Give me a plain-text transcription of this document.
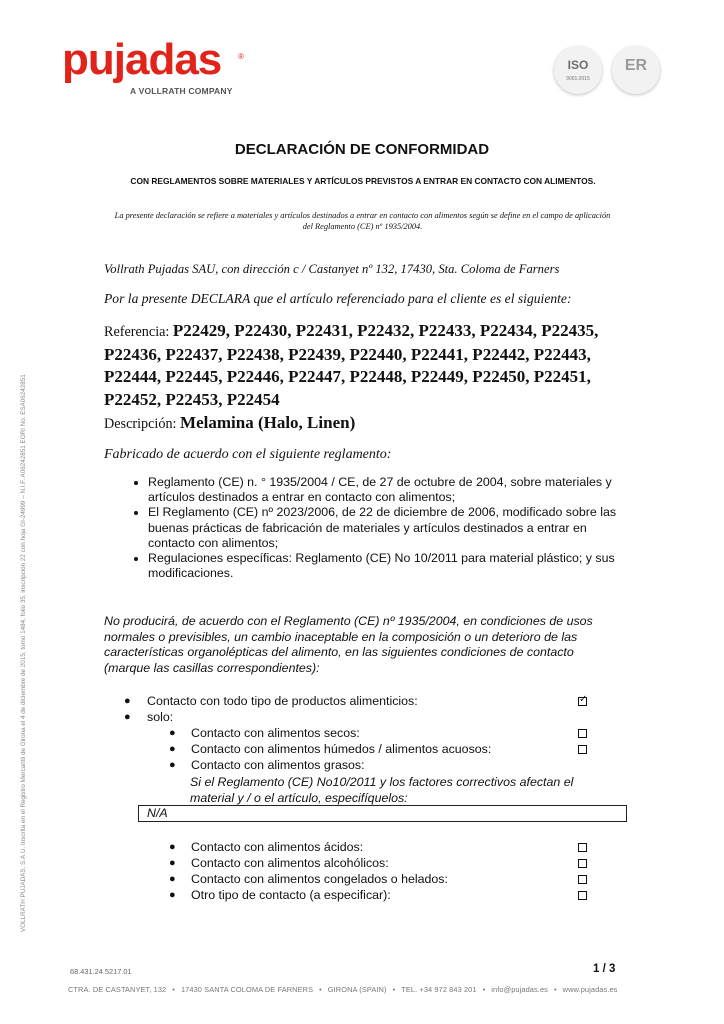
pujadas ®
A VOLLRATH COMPANY
ISO
9001:2015
ER
VOLLRATH PUJADAS, S.A.U. Inscrita en el Registro Mercantil de Girona el 4 de diciembre de 2015, tomo 1484, folio 35, inscripción 22 con hoja GI-24999 – N.I.F. A06242851 EORI No. ESA06242851
DECLARACIÓN DE CONFORMIDAD
CON REGLAMENTOS SOBRE MATERIALES Y ARTÍCULOS PREVISTOS A ENTRAR EN CONTACTO CON ALIMENTOS.
La presente declaración se refiere a materiales y artículos destinados a entrar en contacto con alimentos según se define en el campo de aplicación del Reglamento (CE) nº 1935/2004.
Vollrath Pujadas SAU, con dirección c / Castanyet nº 132, 17430, Sta. Coloma de Farners
Por la presente DECLARA que el artículo referenciado para el cliente es el siguiente:
Referencia: P22429, P22430, P22431, P22432, P22433, P22434, P22435, P22436, P22437, P22438, P22439, P22440, P22441, P22442, P22443, P22444, P22445, P22446, P22447, P22448, P22449, P22450, P22451, P22452, P22453, P22454
Descripción: Melamina (Halo, Linen)
Fabricado de acuerdo con el siguiente reglamento:
• Reglamento (CE) n. ° 1935/2004 / CE, de 27 de octubre de 2004, sobre materiales y artículos destinados a entrar en contacto con alimentos;
• El Reglamento (CE) nº 2023/2006, de 22 de diciembre de 2006, modificado sobre las buenas prácticas de fabricación de materiales y artículos destinados a entrar en contacto con alimentos;
• Regulaciones específicas: Reglamento (CE) No 10/2011 para material plástico; y sus modificaciones.
No producirá, de acuerdo con el Reglamento (CE) nº 1935/2004, en condiciones de usos normales o previsibles, un cambio inaceptable en la composición o un deterioro de las características organolépticas del alimento, en las siguientes condiciones de contacto (marque las casillas correspondientes):
● Contacto con todo tipo de productos alimenticios:
✓
● solo:
● Contacto con alimentos secos:
● Contacto con alimentos húmedos / alimentos acuosos:
● Contacto con alimentos grasos:
Si el Reglamento (CE) No10/2011 y los factores correctivos afectan el material y / o el artículo, especifíquelos:
N/A
● Contacto con alimentos ácidos:
● Contacto con alimentos alcohólicos:
● Contacto con alimentos congelados o helados:
● Otro tipo de contacto (a especificar):
68.431.24.5217.01	1 / 3
CTRA. DE CASTANYET, 132 • 17430 SANTA COLOMA DE FARNERS • GIRONA (SPAIN) • TEL. +34 972 843 201 • info@pujadas.es • www.pujadas.es
